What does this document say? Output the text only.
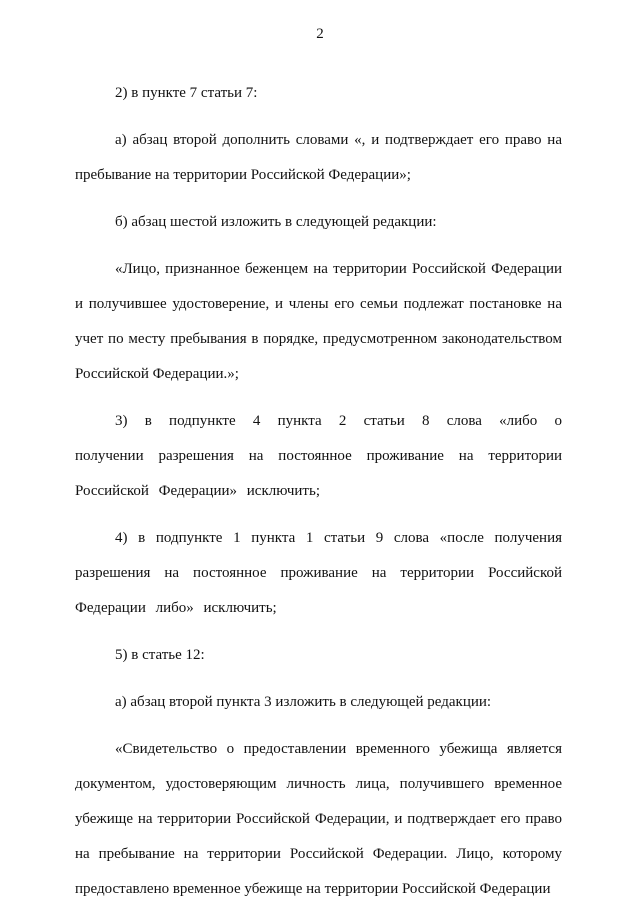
2

2) в пункте 7 статьи 7:

а) абзац второй дополнить словами «, и подтверждает его право на пребывание на территории Российской Федерации»;

б) абзац шестой изложить в следующей редакции:

«Лицо, признанное беженцем на территории Российской Федерации и получившее удостоверение, и члены его семьи подлежат постановке на учет по месту пребывания в порядке, предусмотренном законодательством Российской Федерации.»;

3) в подпункте 4 пункта 2 статьи 8 слова «либо о получении разрешения на постоянное проживание на территории Российской Федерации» исключить;

4) в подпункте 1 пункта 1 статьи 9 слова «после получения разрешения на постоянное проживание на территории Российской Федерации либо» исключить;

5) в статье 12:

а) абзац второй пункта 3 изложить в следующей редакции:

«Свидетельство о предоставлении временного убежища является документом, удостоверяющим личность лица, получившего временное убежище на территории Российской Федерации, и подтверждает его право на пребывание на территории Российской Федерации. Лицо, которому предоставлено временное убежище на территории Российской Федерации
